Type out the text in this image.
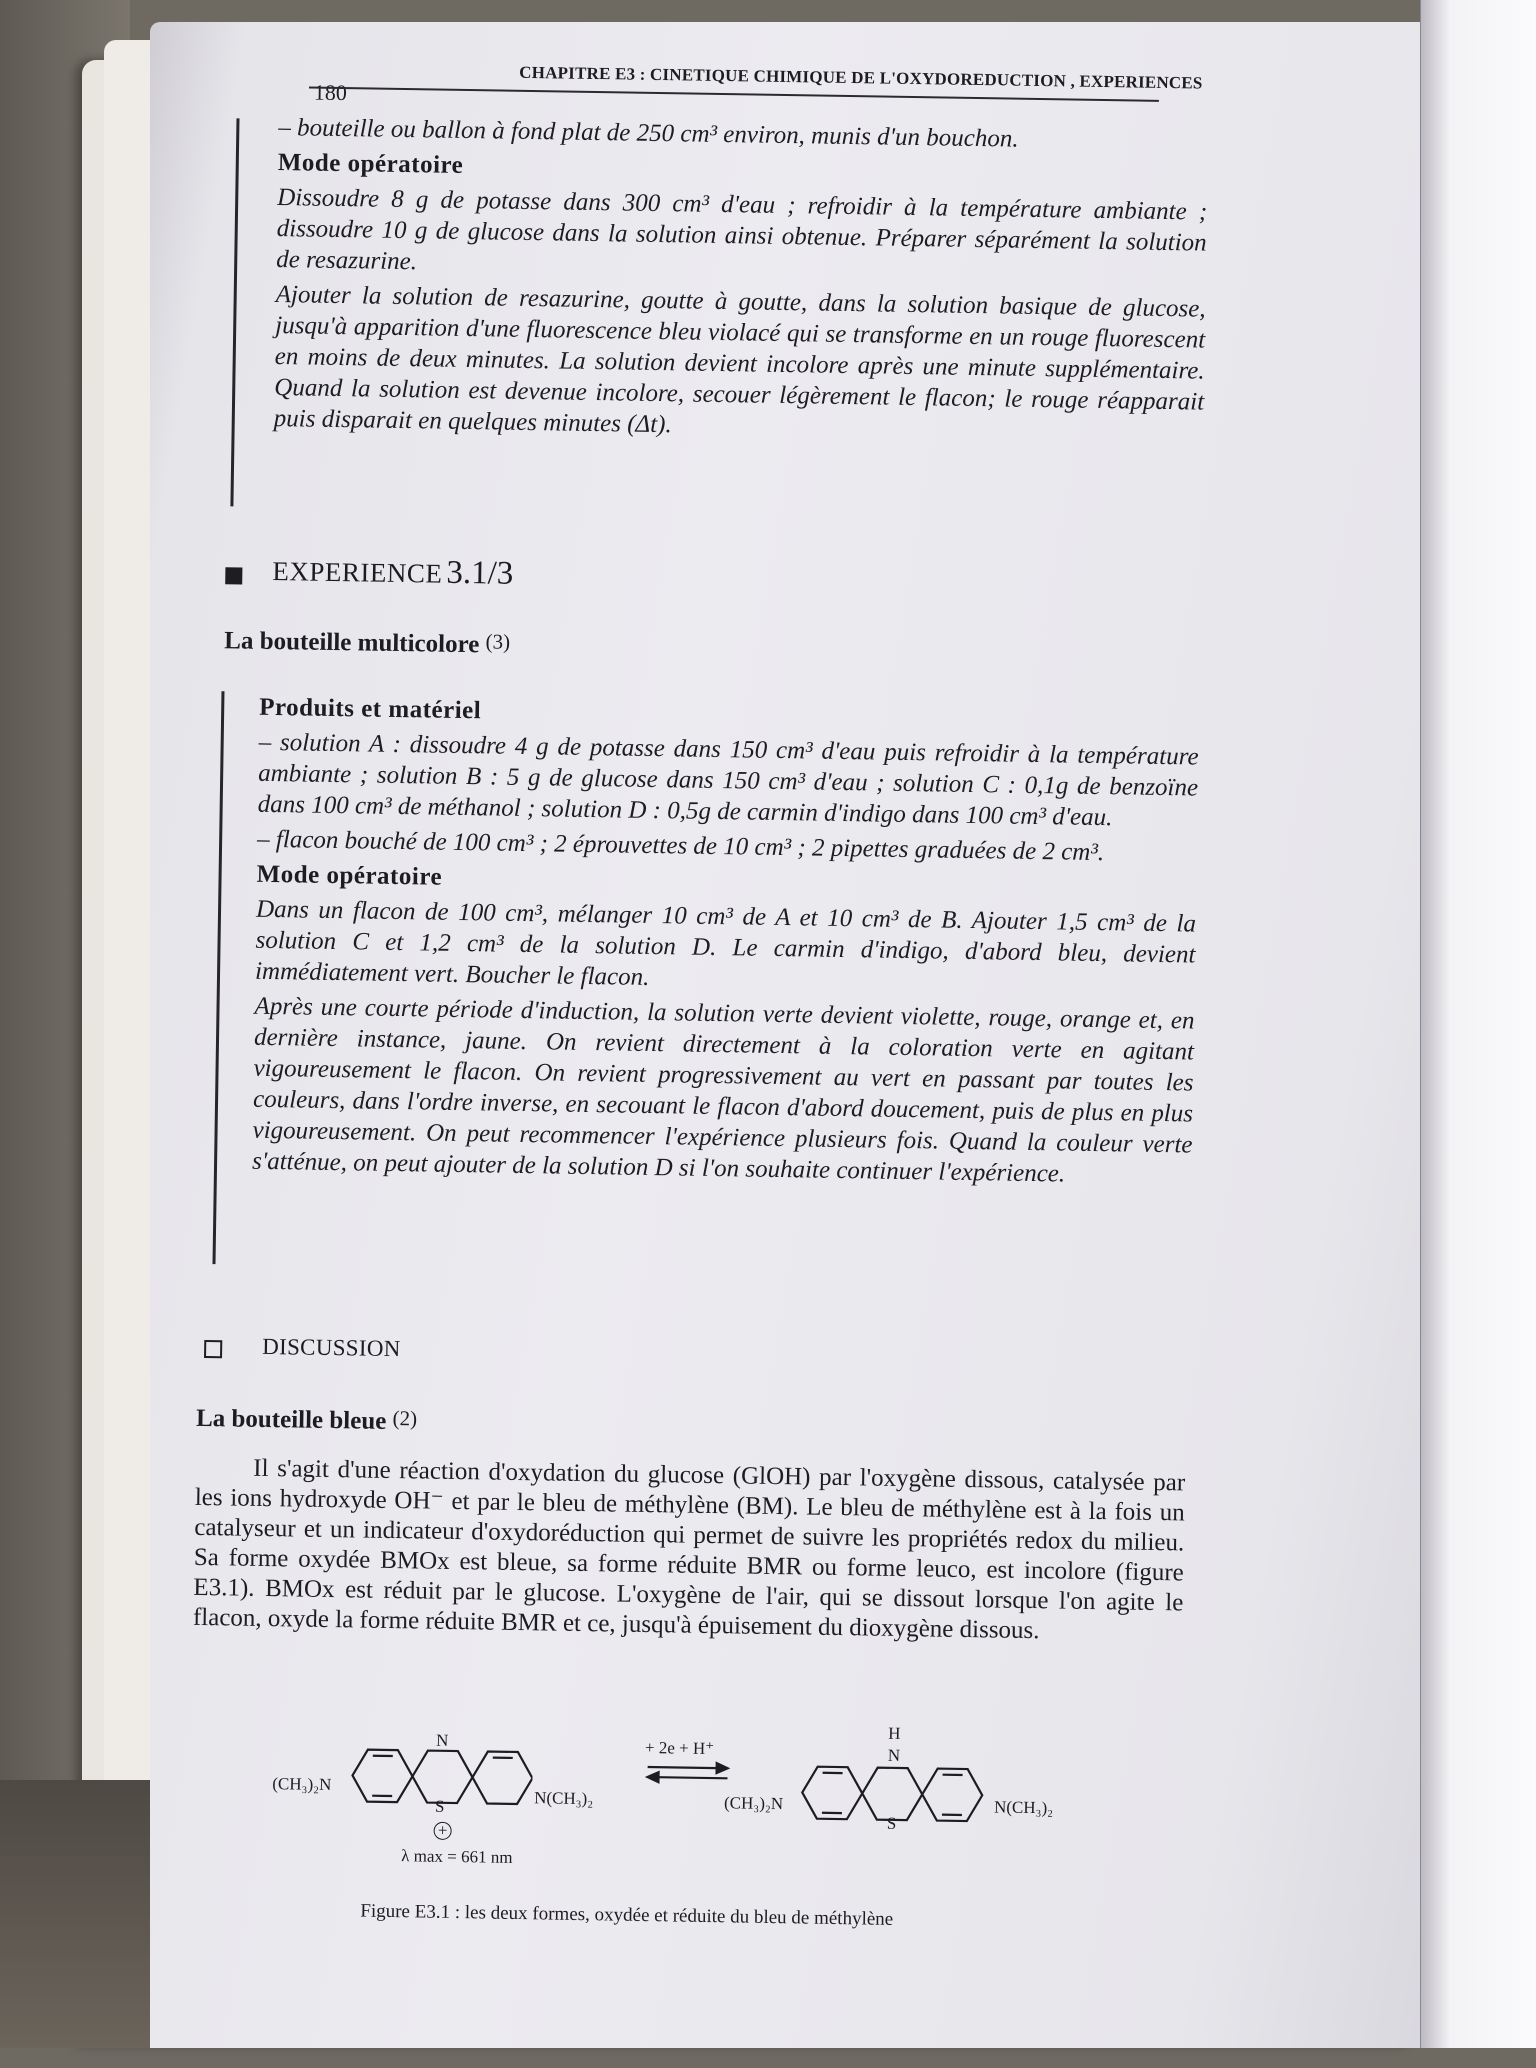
180	CHAPITRE E3 : CINETIQUE CHIMIQUE DE L'OXYDOREDUCTION , EXPERIENCES
– bouteille ou ballon à fond plat de 250 cm³ environ, munis d'un bouchon.
Mode opératoire
Dissoudre 8 g de potasse dans 300 cm³ d'eau ; refroidir à la température ambiante ; dissoudre 10 g de glucose dans la solution ainsi obtenue. Préparer séparément la solution de resazurine.
Ajouter la solution de resazurine, goutte à goutte, dans la solution basique de glucose, jusqu'à apparition d'une fluorescence bleu violacé qui se transforme en un rouge fluorescent en moins de deux minutes. La solution devient incolore après une minute supplémentaire. Quand la solution est devenue incolore, secouer légèrement le flacon; le rouge réapparait puis disparait en quelques minutes (Δt).
EXPERIENCE 3.1/3
La bouteille multicolore (3)
Produits et matériel
– solution A : dissoudre 4 g de potasse dans 150 cm³ d'eau puis refroidir à la température ambiante ; solution B : 5 g de glucose dans 150 cm³ d'eau ; solution C : 0,1g de benzoïne dans 100 cm³ de méthanol ; solution D : 0,5g de carmin d'indigo dans 100 cm³ d'eau.
– flacon bouché de 100 cm³ ; 2 éprouvettes de 10 cm³ ; 2 pipettes graduées de 2 cm³.
Mode opératoire
Dans un flacon de 100 cm³, mélanger 10 cm³ de A et 10 cm³ de B. Ajouter 1,5 cm³ de la solution C et 1,2 cm³ de la solution D. Le carmin d'indigo, d'abord bleu, devient immédiatement vert. Boucher le flacon.
Après une courte période d'induction, la solution verte devient violette, rouge, orange et, en dernière instance, jaune. On revient directement à la coloration verte en agitant vigoureusement le flacon. On revient progressivement au vert en passant par toutes les couleurs, dans l'ordre inverse, en secouant le flacon d'abord doucement, puis de plus en plus vigoureusement. On peut recommencer l'expérience plusieurs fois. Quand la couleur verte s'atténue, on peut ajouter de la solution D si l'on souhaite continuer l'expérience.
DISCUSSION
La bouteille bleue (2)
Il s'agit d'une réaction d'oxydation du glucose (GlOH) par l'oxygène dissous, catalysée par les ions hydroxyde OH⁻ et par le bleu de méthylène (BM). Le bleu de méthylène est à la fois un catalyseur et un indicateur d'oxydoréduction qui permet de suivre les propriétés redox du milieu. Sa forme oxydée BMOx est bleue, sa forme réduite BMR ou forme leuco, est incolore (figure E3.1). BMOx est réduit par le glucose. L'oxygène de l'air, qui se dissout lorsque l'on agite le flacon, oxyde la forme réduite BMR et ce, jusqu'à épuisement du dioxygène dissous.
(CH₃)₂N
N
S
+
N(CH₃)₂
+ 2e + H⁺
(CH₃)₂N
H
N
S
N(CH₃)₂
λ max = 661 nm
Figure E3.1 : les deux formes, oxydée et réduite du bleu de méthylène
